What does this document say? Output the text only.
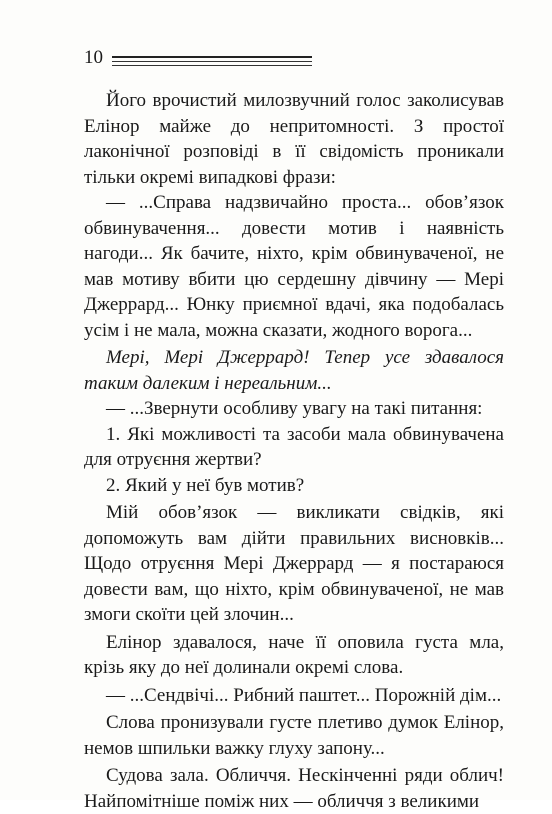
10

Його врочистий милозвучний голос заколисував Елінор майже до непритомності. З простої лаконічної розповіді в її свідомість проникали тільки окремі випадкові фрази:

— ...Справа надзвичайно проста... обов’язок обвинувачення... довести мотив і наявність нагоди... Як бачите, ніхто, крім обвинуваченої, не мав мотиву вбити цю сердешну дівчину — Мері Джеррард... Юнку приємної вдачі, яка подобалась усім і не мала, можна сказати, жодного ворога...

Мері, Мері Джеррард! Тепер усе здавалося таким далеким і нереальним...

— ...Звернути особливу увагу на такі питання:

1. Які можливості та засоби мала обвинувачена для отруєння жертви?

2. Який у неї був мотив?

Мій обов’язок — викликати свідків, які допоможуть вам дійти правильних висновків... Щодо отруєння Мері Джеррард — я постараюся довести вам, що ніхто, крім обвинуваченої, не мав змоги скоїти цей злочин...

Елінор здавалося, наче її оповила густа мла, крізь яку до неї долинали окремі слова.

— ...Сендвічі... Рибний паштет... Порожній дім...

Слова пронизували густе плетиво думок Елінор, немов шпильки важку глуху запону...

Судова зала. Обличчя. Нескінченні ряди облич! Найпомітніше поміж них — обличчя з великими
